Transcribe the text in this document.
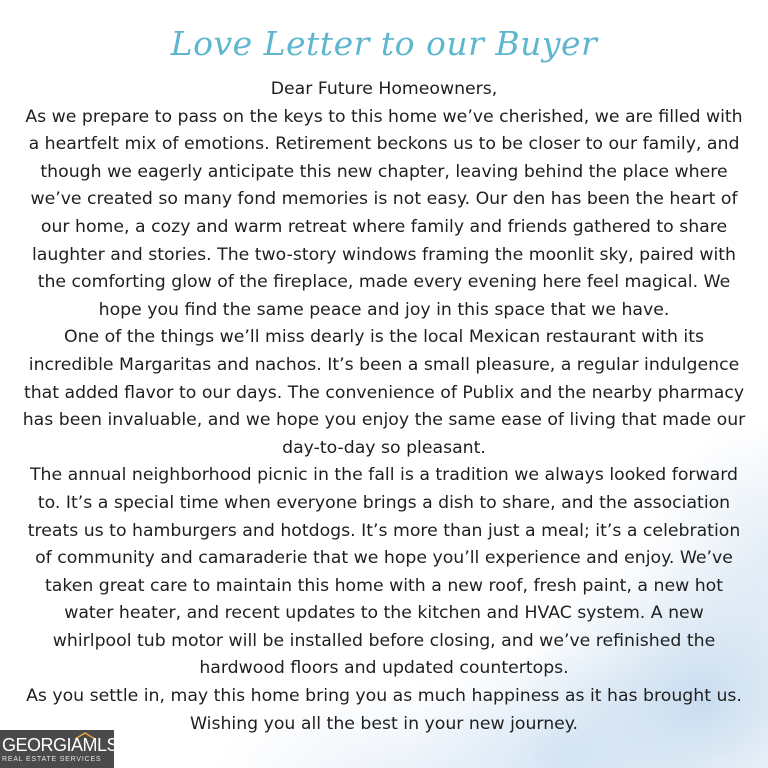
Love Letter to our Buyer
Dear Future Homeowners,
As we prepare to pass on the keys to this home we’ve cherished, we are filled with
a heartfelt mix of emotions. Retirement beckons us to be closer to our family, and
though we eagerly anticipate this new chapter, leaving behind the place where
we’ve created so many fond memories is not easy. Our den has been the heart of
our home, a cozy and warm retreat where family and friends gathered to share
laughter and stories. The two-story windows framing the moonlit sky, paired with
the comforting glow of the fireplace, made every evening here feel magical. We
hope you find the same peace and joy in this space that we have.
One of the things we’ll miss dearly is the local Mexican restaurant with its
incredible Margaritas and nachos. It’s been a small pleasure, a regular indulgence
that added flavor to our days. The convenience of Publix and the nearby pharmacy
has been invaluable, and we hope you enjoy the same ease of living that made our
day-to-day so pleasant.
The annual neighborhood picnic in the fall is a tradition we always looked forward
to. It’s a special time when everyone brings a dish to share, and the association
treats us to hamburgers and hotdogs. It’s more than just a meal; it’s a celebration
of community and camaraderie that we hope you’ll experience and enjoy. We’ve
taken great care to maintain this home with a new roof, fresh paint, a new hot
water heater, and recent updates to the kitchen and HVAC system. A new
whirlpool tub motor will be installed before closing, and we’ve refinished the
hardwood floors and updated countertops.
As you settle in, may this home bring you as much happiness as it has brought us.
Wishing you all the best in your new journey.
GEORGIAMLS
REAL ESTATE SERVICES
